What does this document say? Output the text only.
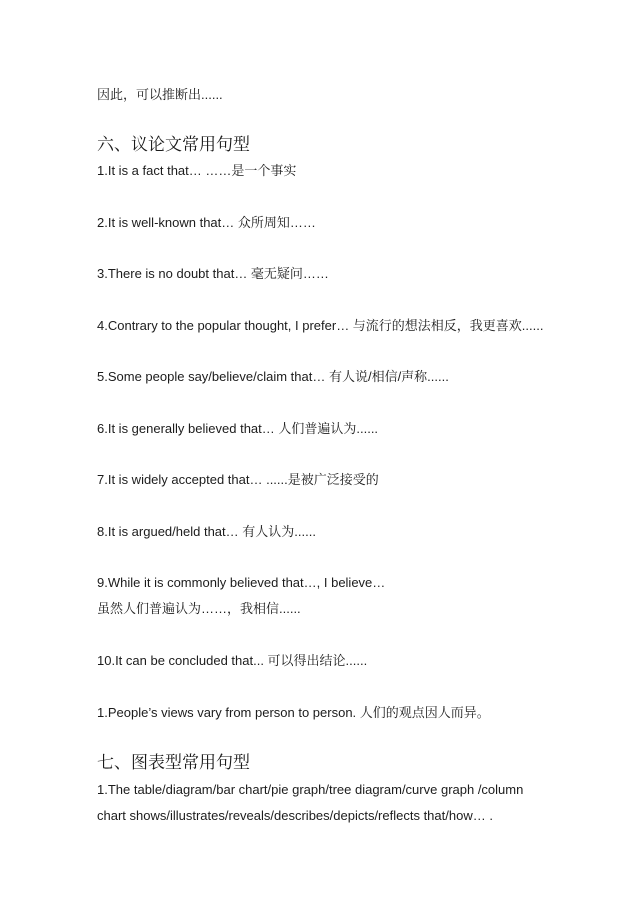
因此，可以推断出......
六、议论文常用句型
1.It is a fact that… ……是一个事实
2.It is well-known that… 众所周知……
3.There is no doubt that… 毫无疑问……
4.Contrary to the popular thought, I prefer… 与流行的想法相反，我更喜欢......
5.Some people say/believe/claim that… 有人说/相信/声称......
6.It is generally believed that… 人们普遍认为......
7.It is widely accepted that… ......是被广泛接受的
8.It is argued/held that… 有人认为......
9.While it is commonly believed that…, I believe…
虽然人们普遍认为……，我相信......
10.It can be concluded that... 可以得出结论......
1.People’s views vary from person to person. 人们的观点因人而异。
七、图表型常用句型
1.The table/diagram/bar chart/pie graph/tree diagram/curve graph /column
chart shows/illustrates/reveals/describes/depicts/reflects that/how… .
